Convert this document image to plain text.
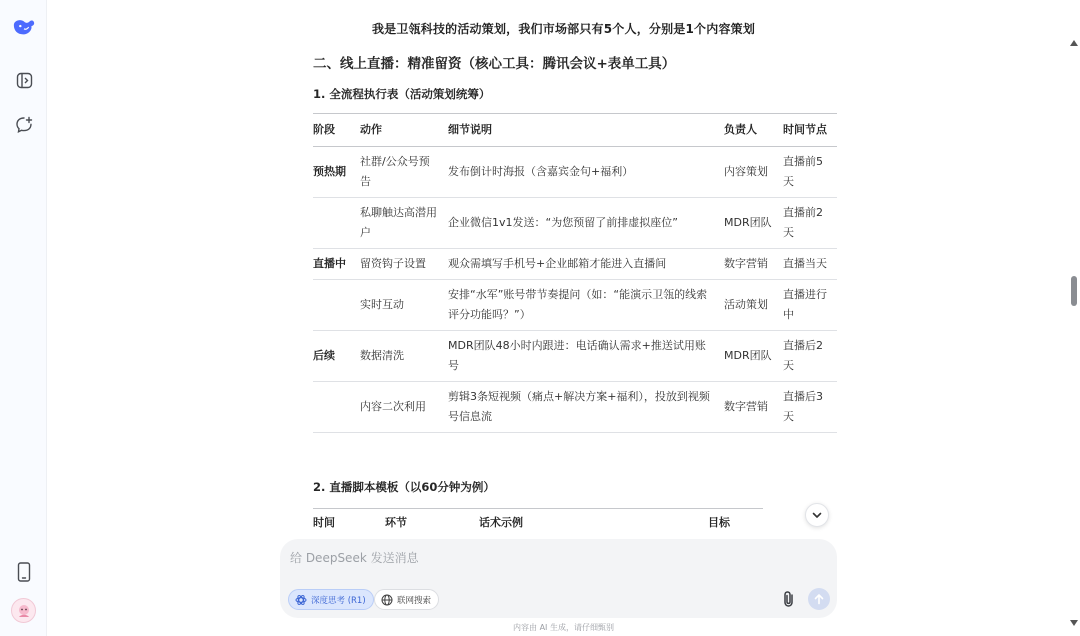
我是卫瓴科技的活动策划，我们市场部只有5个人，分别是1个内容策划
二、线上直播：精准留资（核心工具：腾讯会议+表单工具）
1. 全流程执行表（活动策划统筹）
阶段	动作	细节说明	负责人	时间节点
预热期	社群/公众号预告	发布倒计时海报（含嘉宾金句+福利）	内容策划	直播前5天
	私聊触达高潜用户	企业微信1v1发送：“为您预留了前排虚拟座位”	MDR团队	直播前2天
直播中	留资钩子设置	观众需填写手机号+企业邮箱才能进入直播间	数字营销	直播当天
	实时互动	安排“水军”账号带节奏提问（如：“能演示卫瓴的线索评分功能吗？”）	活动策划	直播进行中
后续	数据清洗	MDR团队48小时内跟进：电话确认需求+推送试用账号	MDR团队	直播后2天
	内容二次利用	剪辑3条短视频（痛点+解决方案+福利），投放到视频号信息流	数字营销	直播后3天
2. 直播脚本模板（以60分钟为例）
时间	环节	话术示例	目标
给 DeepSeek 发送消息
深度思考 (R1)	联网搜索
内容由 AI 生成，请仔细甄别
